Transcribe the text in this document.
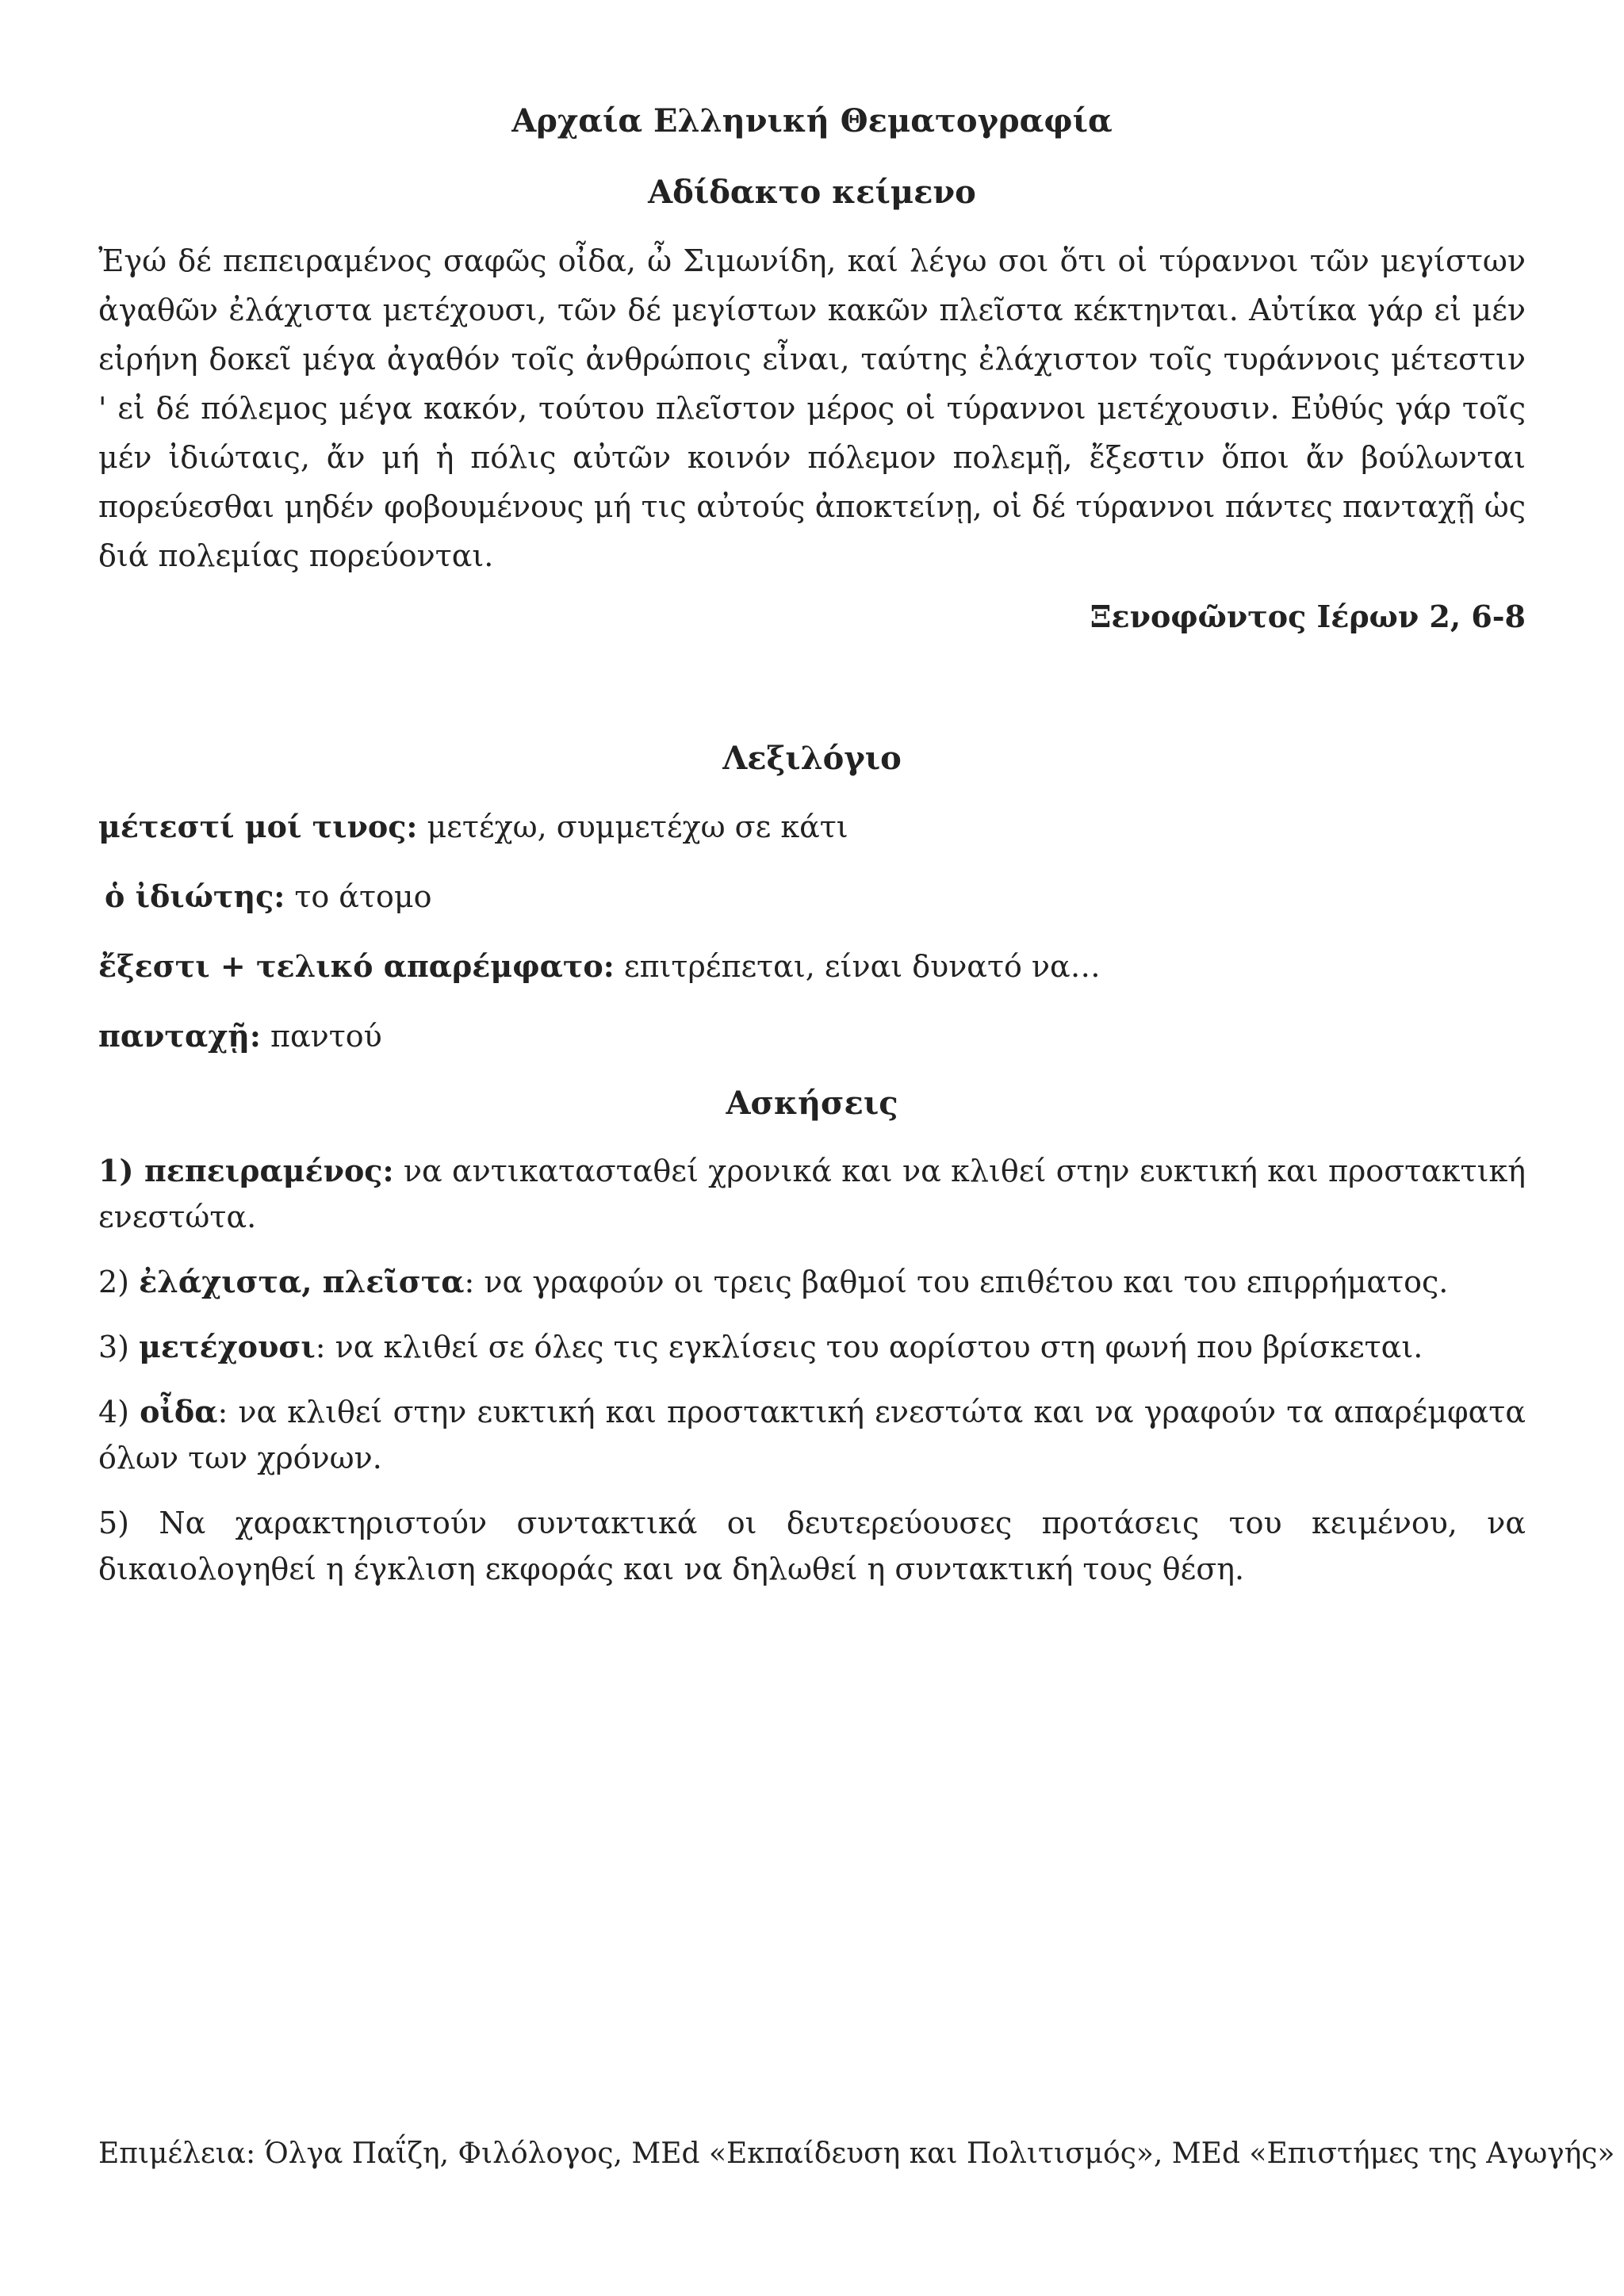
Αρχαία Ελληνική Θεματογραφία
Αδίδακτο κείμενο

Ἐγώ δέ πεπειραμένος σαφῶς οἶδα, ὦ Σιμωνίδη, καί λέγω σοι ὅτι οἱ τύραννοι τῶν μεγίστων ἀγαθῶν ἐλάχιστα μετέχουσι, τῶν δέ μεγίστων κακῶν πλεῖστα κέκτηνται. Αὐτίκα γάρ εἰ μέν εἰρήνη δοκεῖ μέγα ἀγαθόν τοῖς ἀνθρώποις εἶναι, ταύτης ἐλάχιστον τοῖς τυράννοις μέτεστιν ' εἰ δέ πόλεμος μέγα κακόν, τούτου πλεῖστον μέρος οἱ τύραννοι μετέχουσιν. Εὐθύς γάρ τοῖς μέν ἰδιώταις, ἄν μή ἡ πόλις αὐτῶν κοινόν πόλεμον πολεμῇ, ἔξεστιν ὅποι ἄν βούλωνται πορεύεσθαι μηδέν φοβουμένους μή τις αὐτούς ἀποκτείνῃ, οἱ δέ τύραννοι πάντες πανταχῇ ὡς διά πολεμίας πορεύονται.

Ξενοφῶντος Ιέρων 2, 6-8
Λεξιλόγιο
μέτεστί μοί τινος: μετέχω, συμμετέχω σε κάτι
ὁ ἰδιώτης: το άτομο
ἔξεστι + τελικό απαρέμφατο: επιτρέπεται, είναι δυνατό να…
πανταχῇ: παντού
Ασκήσεις
1) πεπειραμένος: να αντικατασταθεί χρονικά και να κλιθεί στην ευκτική και προστακτική ενεστώτα.
2) ἐλάχιστα, πλεῖστα: να γραφούν οι τρεις βαθμοί του επιθέτου και του επιρρήματος.
3) μετέχουσι: να κλιθεί σε όλες τις εγκλίσεις του αορίστου στη φωνή που βρίσκεται.
4) οἶδα: να κλιθεί στην ευκτική και προστακτική ενεστώτα και να γραφούν τα απαρέμφατα όλων των χρόνων.
5) Να χαρακτηριστούν συντακτικά οι δευτερεύουσες προτάσεις του κειμένου, να δικαιολογηθεί η έγκλιση εκφοράς και να δηλωθεί η συντακτική τους θέση.
Επιμέλεια: Όλγα Παΐζη, Φιλόλογος, MEd «Εκπαίδευση και Πολιτισμός», MEd «Επιστήμες της Αγωγής»
